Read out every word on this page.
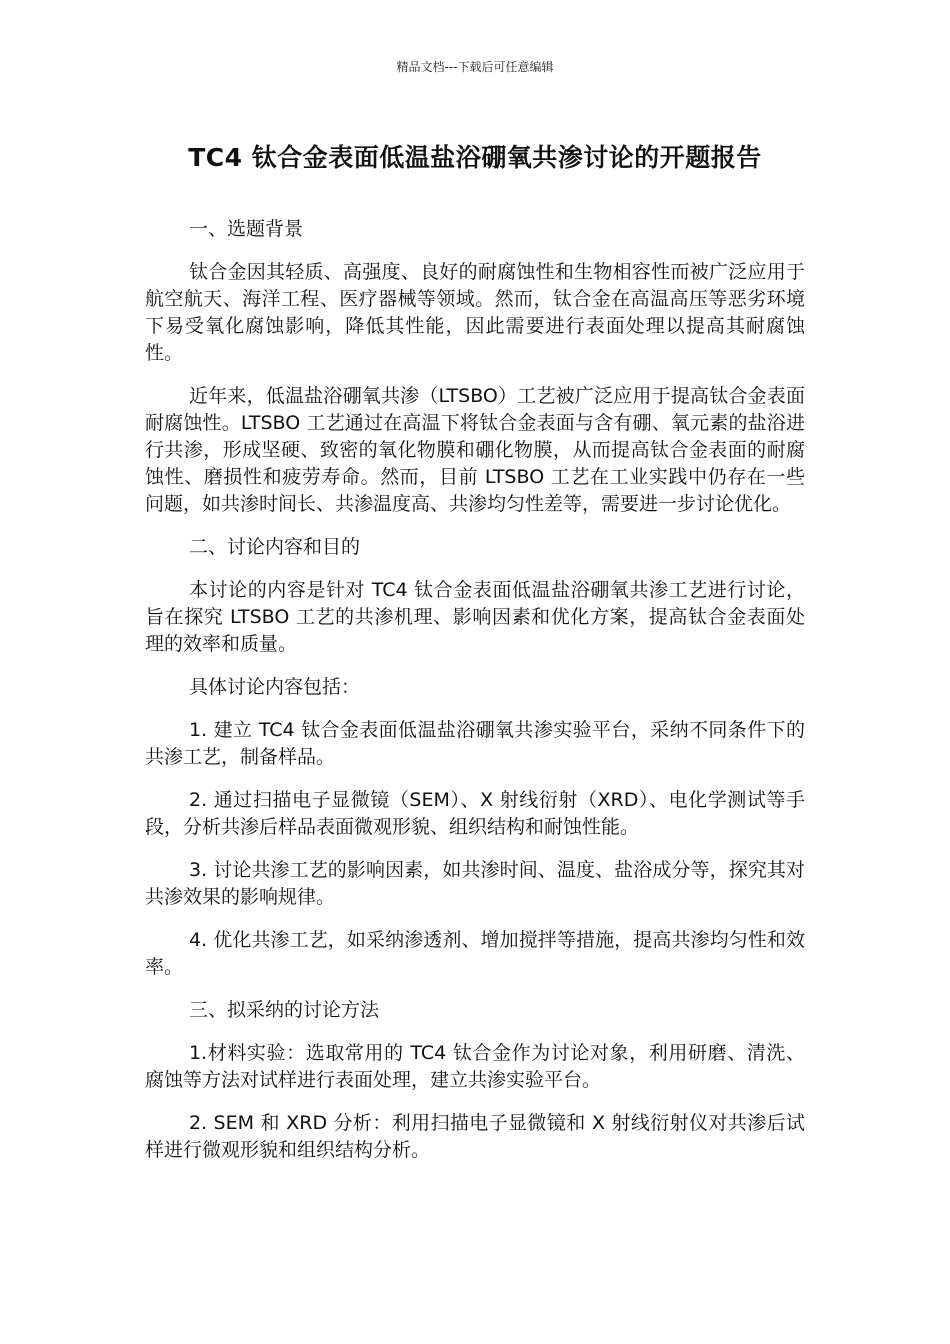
精品文档---下载后可任意编辑
TC4 钛合金表面低温盐浴硼氧共渗讨论的开题报告

一、选题背景

钛合金因其轻质、高强度、良好的耐腐蚀性和生物相容性而被广泛应用于航空航天、海洋工程、医疗器械等领域。然而，钛合金在高温高压等恶劣环境下易受氧化腐蚀影响，降低其性能，因此需要进行表面处理以提高其耐腐蚀性。

近年来，低温盐浴硼氧共渗（LTSBO）工艺被广泛应用于提高钛合金表面耐腐蚀性。LTSBO 工艺通过在高温下将钛合金表面与含有硼、氧元素的盐浴进行共渗，形成坚硬、致密的氧化物膜和硼化物膜，从而提高钛合金表面的耐腐蚀性、磨损性和疲劳寿命。然而，目前 LTSBO 工艺在工业实践中仍存在一些问题，如共渗时间长、共渗温度高、共渗均匀性差等，需要进一步讨论优化。

二、讨论内容和目的

本讨论的内容是针对 TC4 钛合金表面低温盐浴硼氧共渗工艺进行讨论，旨在探究 LTSBO 工艺的共渗机理、影响因素和优化方案，提高钛合金表面处理的效率和质量。

具体讨论内容包括：

1. 建立 TC4 钛合金表面低温盐浴硼氧共渗实验平台，采纳不同条件下的共渗工艺，制备样品。

2. 通过扫描电子显微镜（SEM）、X 射线衍射（XRD）、电化学测试等手段，分析共渗后样品表面微观形貌、组织结构和耐蚀性能。

3. 讨论共渗工艺的影响因素，如共渗时间、温度、盐浴成分等，探究其对共渗效果的影响规律。

4. 优化共渗工艺，如采纳渗透剂、增加搅拌等措施，提高共渗均匀性和效率。

三、拟采纳的讨论方法

1.材料实验：选取常用的 TC4 钛合金作为讨论对象，利用研磨、清洗、腐蚀等方法对试样进行表面处理，建立共渗实验平台。

2. SEM 和 XRD 分析：利用扫描电子显微镜和 X 射线衍射仪对共渗后试样进行微观形貌和组织结构分析。
